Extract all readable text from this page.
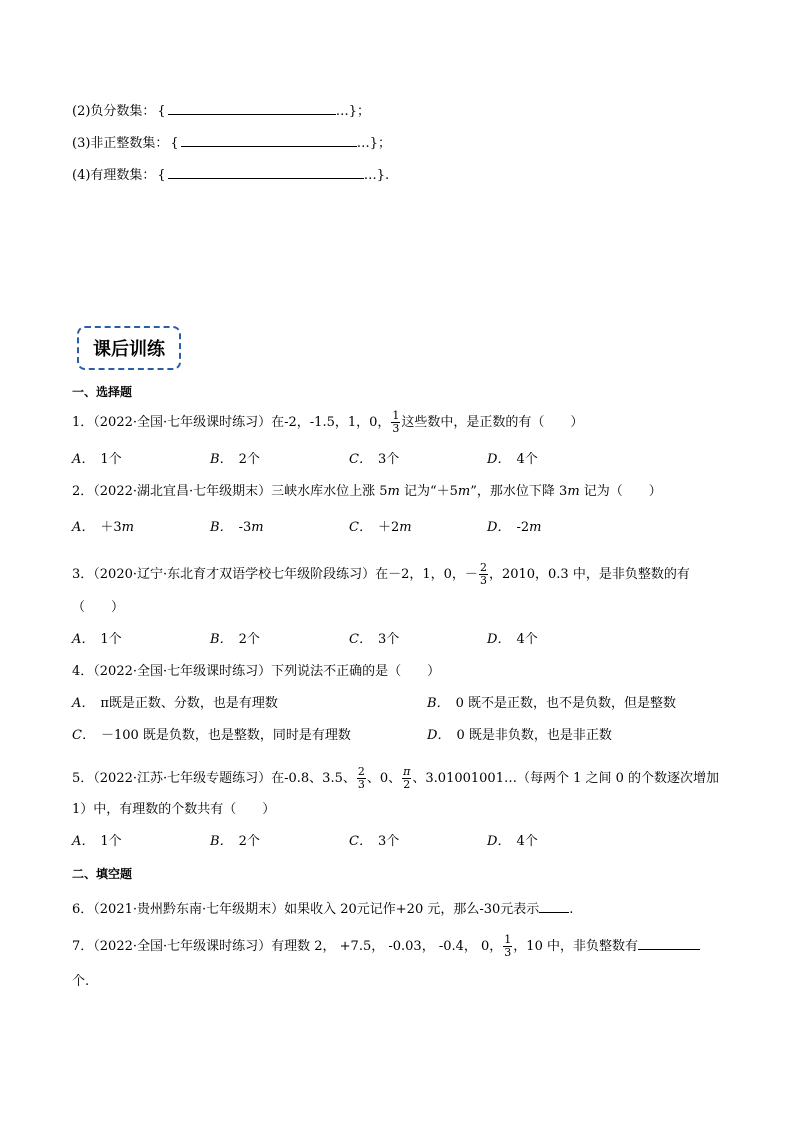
(2)负分数集： {	…}；
(3)非正整数集： {	…}；
(4)有理数集： {	…}.
课后训练
一、选择题
1．（2022·全国·七年级课时练习）在-2，-1.5，1，0， $\frac{1}{3}$ 这些数中，是正数的有（　　）
A． 1个	B． 2个	C． 3个	D． 4个
2．（2022·湖北宜昌·七年级期末）三峡水库水位上涨 5m 记为“＋5m”，那水位下降 3m 记为（　　）
A． ＋3m	B． -3m	C． ＋2m	D． -2m
3．（2020·辽宁·东北育才双语学校七年级阶段练习）在－2，1，0，－ $\frac{2}{3}$ ，2010，0.3 中，是非负整数的有
（　　）
A． 1个	B． 2个	C． 3个	D． 4个
4．（2022·全国·七年级课时练习）下列说法不正确的是（　　）
A． π既是正数、分数，也是有理数	B． 0 既不是正数，也不是负数，但是整数
C． －100 既是负数，也是整数，同时是有理数	D． 0 既是非负数，也是非正数
5．（2022·江苏·七年级专题练习）在-0.8、3.5、 $\frac{2}{3}$ 、0、 $\frac{\pi}{2}$ 、3.01001001…（每两个 1 之间 0 的个数逐次增加
1）中，有理数的个数共有（　　）
A． 1个	B． 2个	C． 3个	D． 4个
二、填空题
6．（2021·贵州黔东南·七年级期末）如果收入 20元记作+20 元，那么-30元表示 .
7．（2022·全国·七年级课时练习）有理数 2， +7.5， -0.03， -0.4， 0， $\frac{1}{3}$ ，10 中，非负整数有
个.
